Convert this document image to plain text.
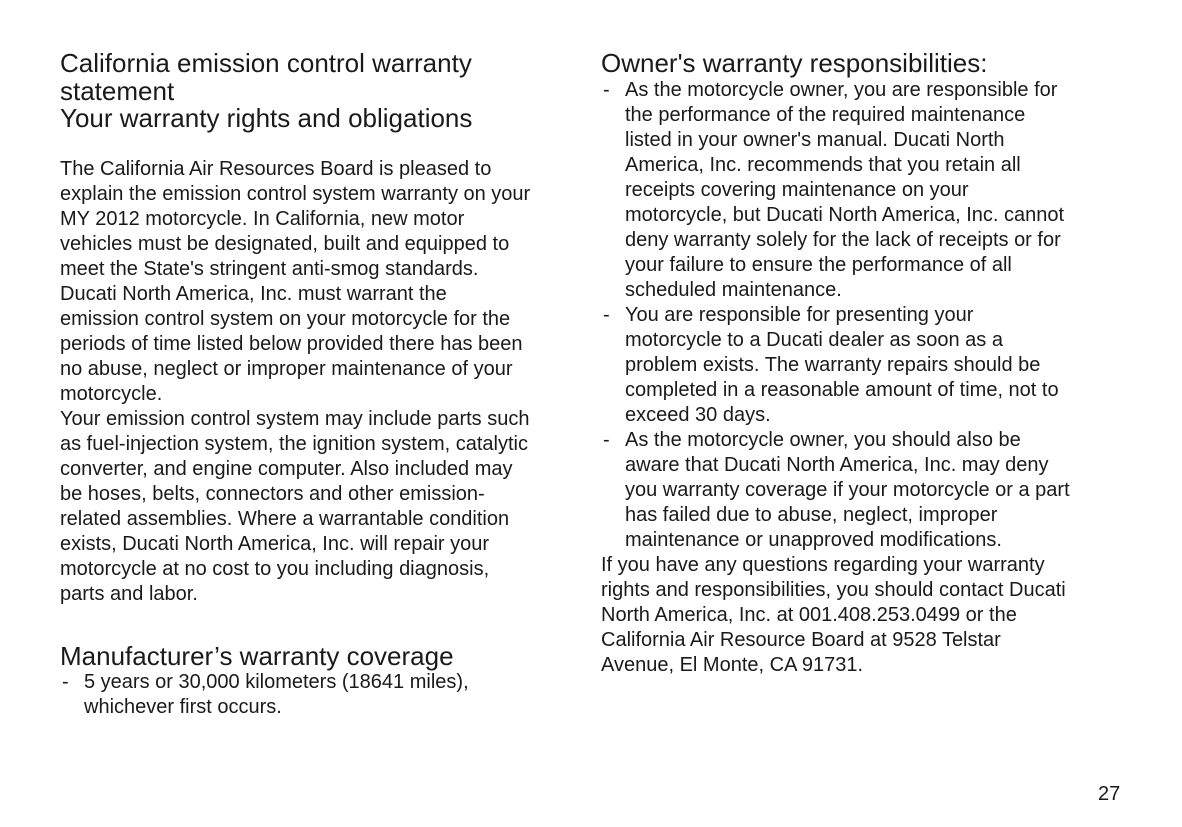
California emission control warranty
statement
Your warranty rights and obligations
The California Air Resources Board is pleased to
explain the emission control system warranty on your
MY 2012 motorcycle. In California, new motor
vehicles must be designated, built and equipped to
meet the State's stringent anti-smog standards.
Ducati North America, Inc. must warrant the
emission control system on your motorcycle for the
periods of time listed below provided there has been
no abuse, neglect or improper maintenance of your
motorcycle.
Your emission control system may include parts such
as fuel-injection system, the ignition system, catalytic
converter, and engine computer. Also included may
be hoses, belts, connectors and other emission-
related assemblies. Where a warrantable condition
exists, Ducati North America, Inc. will repair your
motorcycle at no cost to you including diagnosis,
parts and labor.
Manufacturer’s warranty coverage
- 5 years or 30,000 kilometers (18641 miles),
whichever first occurs.
Owner's warranty responsibilities:
- As the motorcycle owner, you are responsible for
the performance of the required maintenance
listed in your owner's manual. Ducati North
America, Inc. recommends that you retain all
receipts covering maintenance on your
motorcycle, but Ducati North America, Inc. cannot
deny warranty solely for the lack of receipts or for
your failure to ensure the performance of all
scheduled maintenance.
- You are responsible for presenting your
motorcycle to a Ducati dealer as soon as a
problem exists. The warranty repairs should be
completed in a reasonable amount of time, not to
exceed 30 days.
- As the motorcycle owner, you should also be
aware that Ducati North America, Inc. may deny
you warranty coverage if your motorcycle or a part
has failed due to abuse, neglect, improper
maintenance or unapproved modifications.
If you have any questions regarding your warranty
rights and responsibilities, you should contact Ducati
North America, Inc. at 001.408.253.0499 or the
California Air Resource Board at 9528 Telstar
Avenue, El Monte, CA 91731.
27
